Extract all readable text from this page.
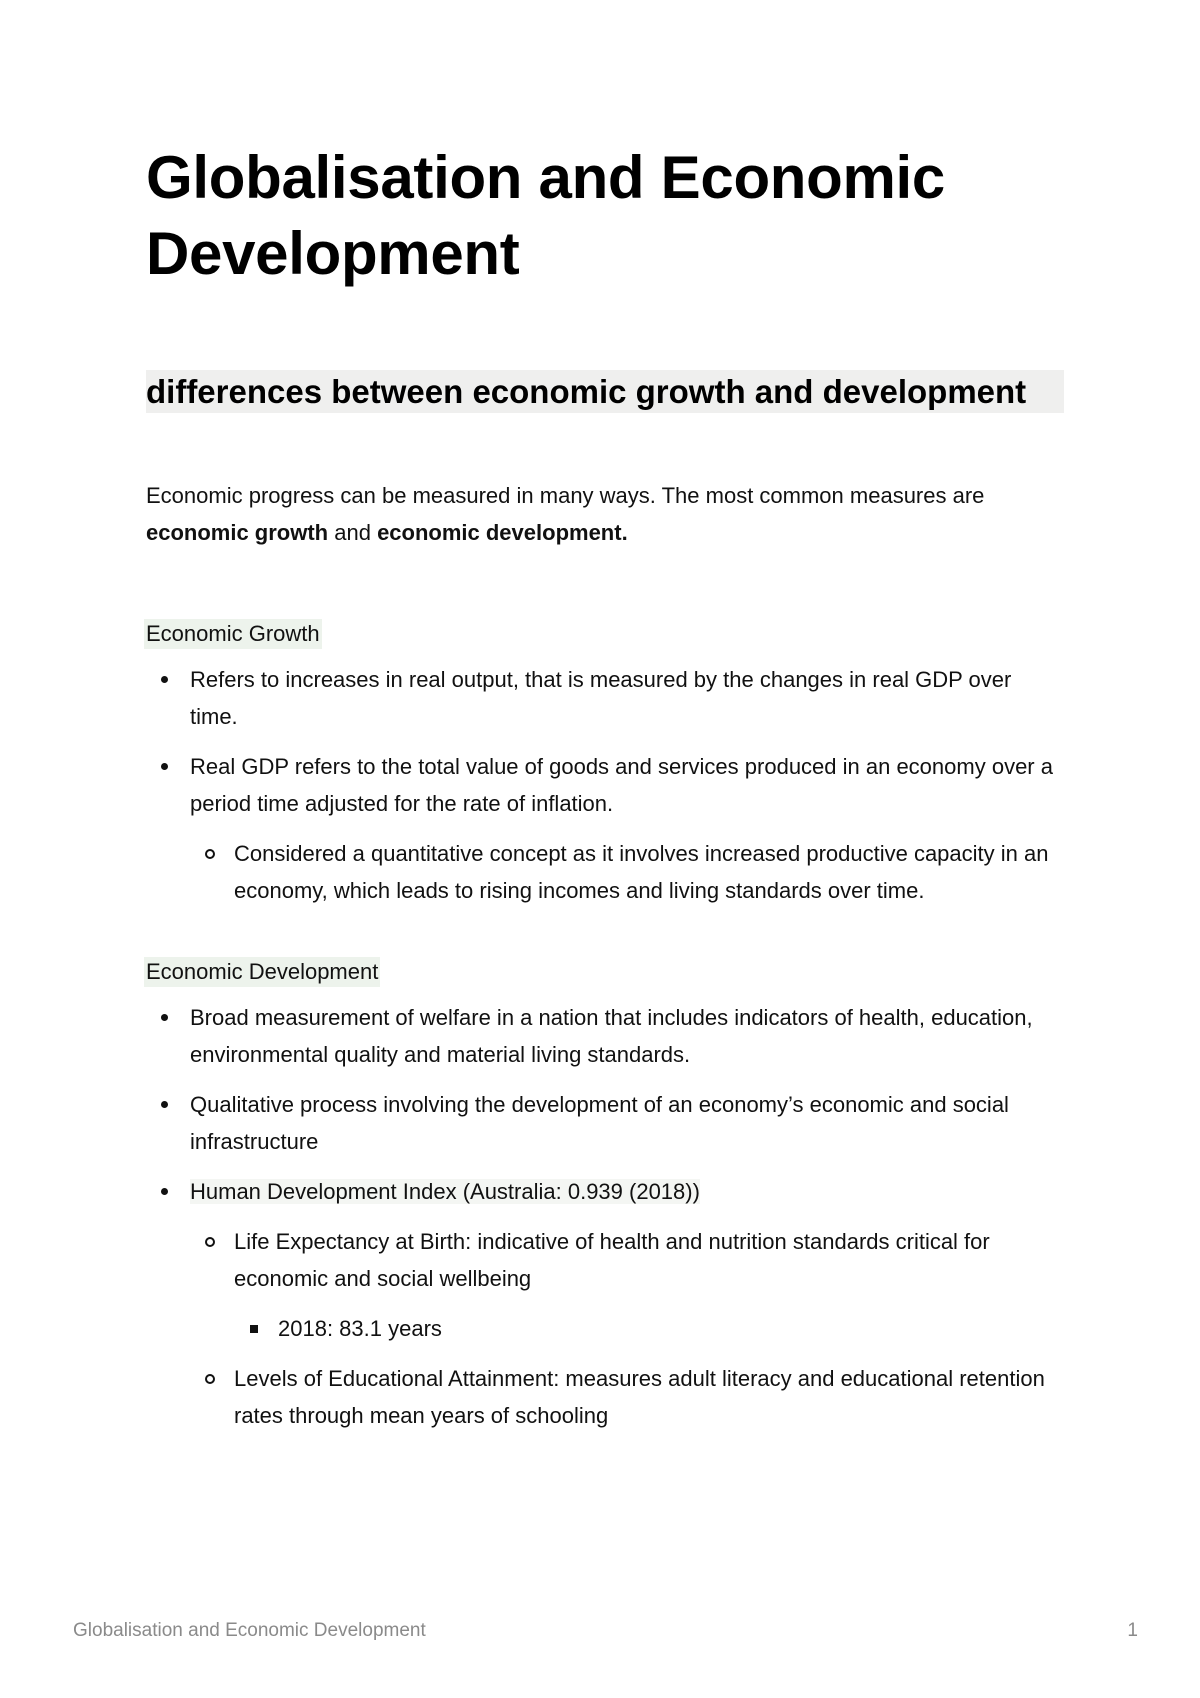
Globalisation and Economic Development
differences between economic growth and development

Economic progress can be measured in many ways. The most common measures are economic growth and economic development.

Economic Growth
Refers to increases in real output, that is measured by the changes in real GDP over time.
Real GDP refers to the total value of goods and services produced in an economy over a period time adjusted for the rate of inflation.
Considered a quantitative concept as it involves increased productive capacity in an economy, which leads to rising incomes and living standards over time.
Economic Development
Broad measurement of welfare in a nation that includes indicators of health, education, environmental quality and material living standards.
Qualitative process involving the development of an economy’s economic and social infrastructure
Human Development Index (Australia: 0.939 (2018))
Life Expectancy at Birth: indicative of health and nutrition standards critical for economic and social wellbeing
2018: 83.1 years
Levels of Educational Attainment: measures adult literacy and educational retention rates through mean years of schooling
Globalisation and Economic Development	1
